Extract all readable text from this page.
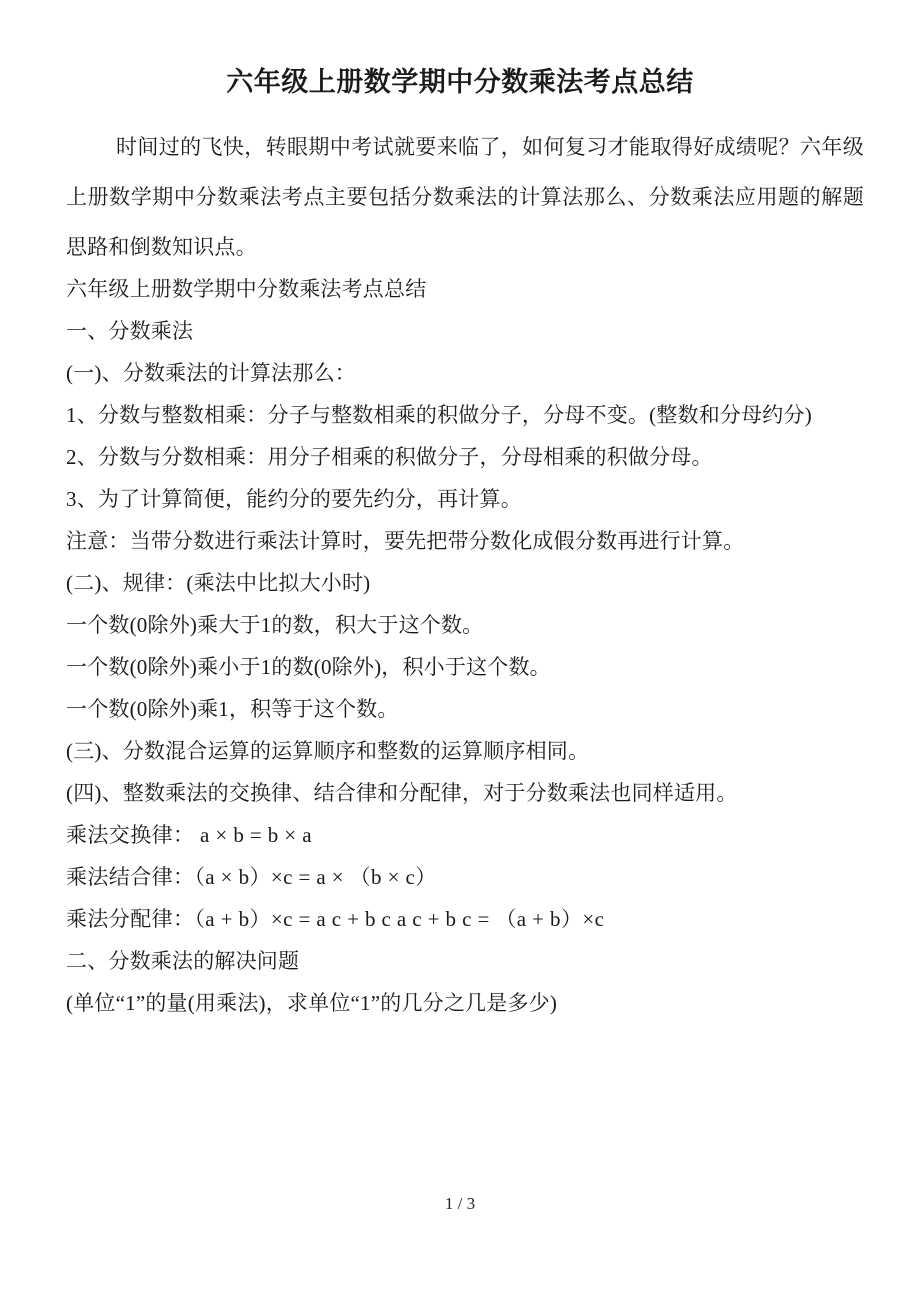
六年级上册数学期中分数乘法考点总结
时间过的飞快，转眼期中考试就要来临了，如何复习才能取得好成绩呢？六年级上册数学期中分数乘法考点主要包括分数乘法的计算法那么、分数乘法应用题的解题思路和倒数知识点。
六年级上册数学期中分数乘法考点总结
一、分数乘法
(一)、分数乘法的计算法那么：
1、分数与整数相乘：分子与整数相乘的积做分子，分母不变。(整数和分母约分)
2、分数与分数相乘：用分子相乘的积做分子，分母相乘的积做分母。
3、为了计算简便，能约分的要先约分，再计算。
注意：当带分数进行乘法计算时，要先把带分数化成假分数再进行计算。
(二)、规律：(乘法中比拟大小时)
一个数(0除外)乘大于1的数，积大于这个数。
一个数(0除外)乘小于1的数(0除外)，积小于这个数。
一个数(0除外)乘1，积等于这个数。
(三)、分数混合运算的运算顺序和整数的运算顺序相同。
(四)、整数乘法的交换律、结合律和分配律，对于分数乘法也同样适用。
乘法交换律： a × b = b × a
乘法结合律：（a × b）×c = a × （b × c）
乘法分配律：（a + b）×c = a c + b c a c + b c = （a + b）×c
二、分数乘法的解决问题
(单位“1”的量(用乘法)，求单位“1”的几分之几是多少)
1 / 3
